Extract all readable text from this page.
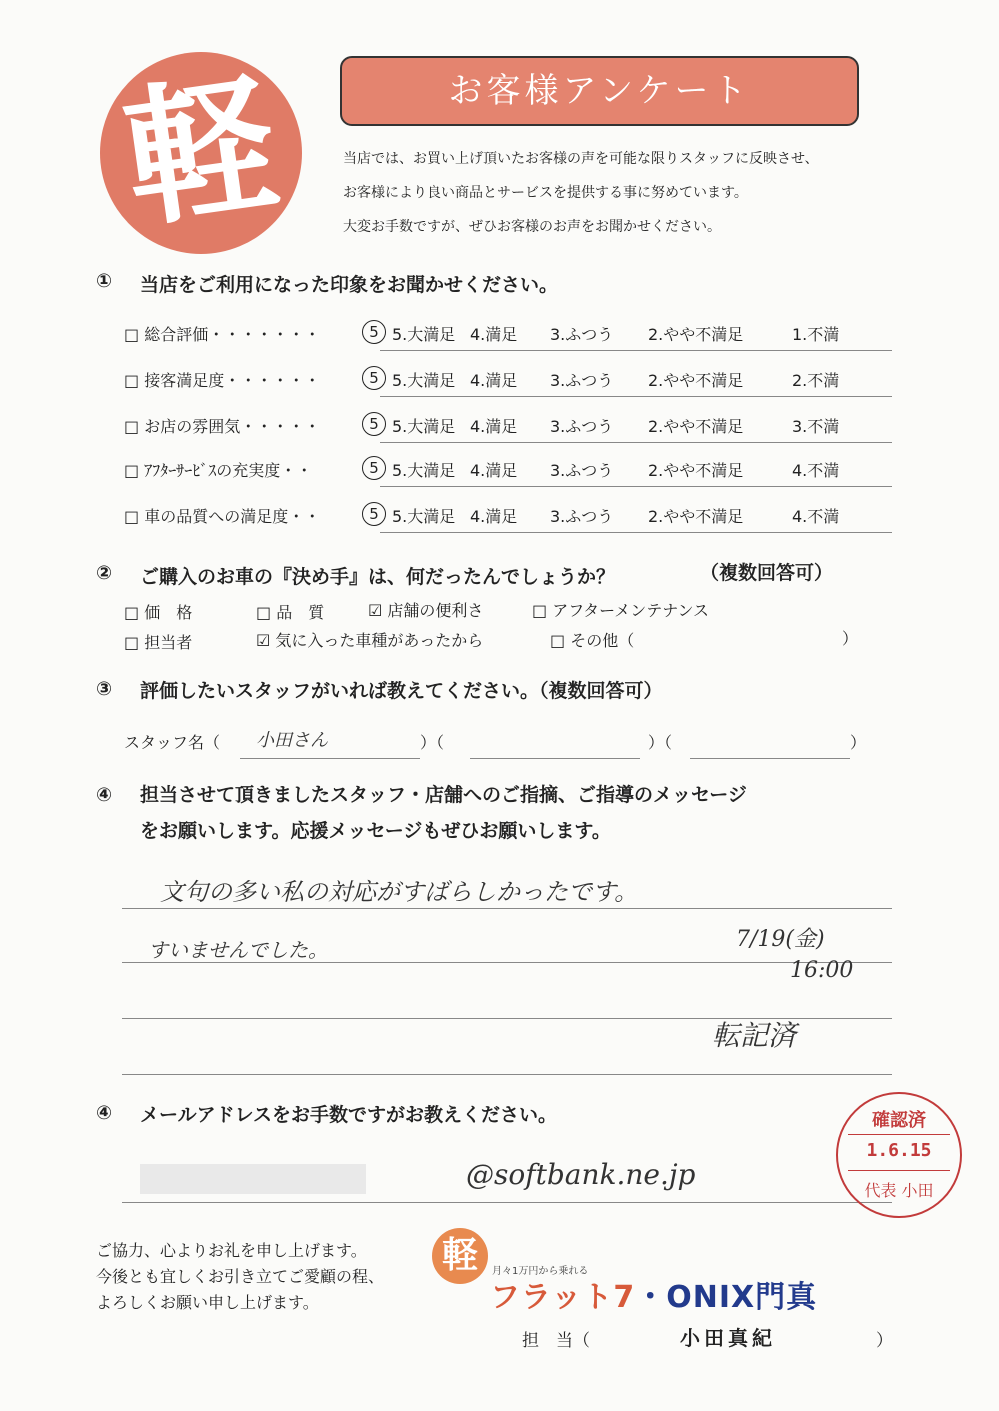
軽	お客様アンケート
当店では、お買い上げ頂いたお客様の声を可能な限りスタッフに反映させ、
お客様により良い商品とサービスを提供する事に努めています。
大変お手数ですが、ぜひお客様のお声をお聞かせください。
① 当店をご利用になった印象をお聞かせください。
□ 総合評価・・・・・・・	5 5.大満足 4.満足 3.ふつう 2.やや不満足	1.不満
□ 接客満足度・・・・・・	5 5.大満足 4.満足 3.ふつう 2.やや不満足	2.不満
□ お店の雰囲気・・・・・	5 5.大満足 4.満足 3.ふつう 2.やや不満足	3.不満
□ ｱﾌﾀｰｻｰﾋﾞｽの充実度・・	5 5.大満足 4.満足 3.ふつう 2.やや不満足	4.不満
□ 車の品質への満足度・・	5 5.大満足 4.満足 3.ふつう 2.やや不満足	4.不満
② ご購入のお車の『決め手』は、何だったんでしょうか？	（複数回答可）
□ 価　格	□ 品　質	☑ 店舗の便利さ	□ アフターメンテナンス
□ 担当者	☑ 気に入った車種があったから	□ その他（	）
③ 評価したいスタッフがいれば教えてください。（複数回答可）
スタッフ名（ 小田さん	）（	）（	）
④ 担当させて頂きましたスタッフ・店舗へのご指摘、ご指導のメッセージ
をお願いします。応援メッセージもぜひお願いします。
文句の多い私の対応がすばらしかったです。
すいませんでした。	7/19(金)
16:00
転記済
④ メールアドレスをお手数ですがお教えください。
@softbank.ne.jp
確認済
1.6.15
代表 小田
ご協力、心よりお礼を申し上げます。
今後とも宜しくお引き立てご愛顧の程、
よろしくお願い申し上げます。
軽	月々1万円から乗れる
フラット7・ONIX門真
担　当（	小田真紀	）
